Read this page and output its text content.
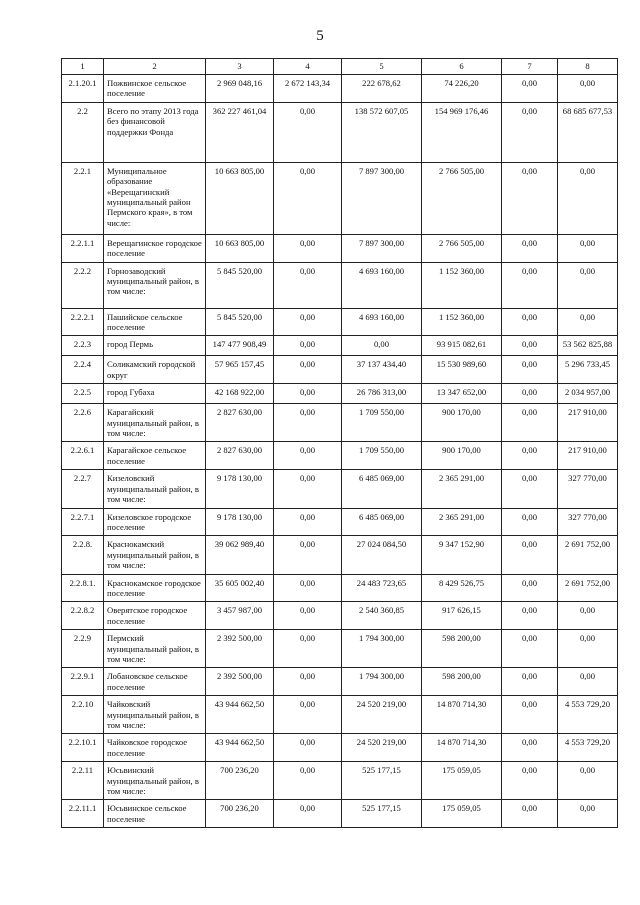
5
1	2	3	4	5	6	7	8
2.1.20.1	Пожвинское сельское поселение	2 969 048,16	2 672 143,34	222 678,62	74 226,20	0,00	0,00
2.2	Всего по этапу 2013 года без финансовой поддержки Фонда	362 227 461,04	0,00	138 572 607,05	154 969 176,46	0,00	68 685 677,53
2.2.1	Муниципальное образование «Верещагинский муниципальный район Пермского края», в том числе:	10 663 805,00	0,00	7 897 300,00	2 766 505,00	0,00	0,00
2.2.1.1	Верещагинское городское поселение	10 663 805,00	0,00	7 897 300,00	2 766 505,00	0,00	0,00
2.2.2	Горнозаводский муниципальный район, в том числе:	5 845 520,00	0,00	4 693 160,00	1 152 360,00	0,00	0,00
2.2.2.1	Пашийское сельское поселение	5 845 520,00	0,00	4 693 160,00	1 152 360,00	0,00	0,00
2.2.3	город Пермь	147 477 908,49	0,00	0,00	93 915 082,61	0,00	53 562 825,88
2.2.4	Соликамский городской округ	57 965 157,45	0,00	37 137 434,40	15 530 989,60	0,00	5 296 733,45
2.2.5	город Губаха	42 168 922,00	0,00	26 786 313,00	13 347 652,00	0,00	2 034 957,00
2.2.6	Карагайский муниципальный район, в том числе:	2 827 630,00	0,00	1 709 550,00	900 170,00	0,00	217 910,00
2.2.6.1	Карагайское сельское поселение	2 827 630,00	0,00	1 709 550,00	900 170,00	0,00	217 910,00
2.2.7	Кизеловский муниципальный район, в том числе:	9 178 130,00	0,00	6 485 069,00	2 365 291,00	0,00	327 770,00
2.2.7.1	Кизеловское городское поселение	9 178 130,00	0,00	6 485 069,00	2 365 291,00	0,00	327 770,00
2.2.8.	Краснокамский муниципальный район, в том числе:	39 062 989,40	0,00	27 024 084,50	9 347 152,90	0,00	2 691 752,00
2.2.8.1.	Краснокамское городское поселение	35 605 002,40	0,00	24 483 723,65	8 429 526,75	0,00	2 691 752,00
2.2.8.2	Оверятское городское поселение	3 457 987,00	0,00	2 540 360,85	917 626,15	0,00	0,00
2.2.9	Пермский муниципальный район, в том числе:	2 392 500,00	0,00	1 794 300,00	598 200,00	0,00	0,00
2.2.9.1	Лобановское сельское поселение	2 392 500,00	0,00	1 794 300,00	598 200,00	0,00	0,00
2.2.10	Чайковский муниципальный район, в том числе:	43 944 662,50	0,00	24 520 219,00	14 870 714,30	0,00	4 553 729,20
2.2.10.1	Чайковское городское поселение	43 944 662,50	0,00	24 520 219,00	14 870 714,30	0,00	4 553 729,20
2.2.11	Юсьвинский муниципальный район, в том числе:	700 236,20	0,00	525 177,15	175 059,05	0,00	0,00
2.2.11.1	Юсьвинское сельское поселение	700 236,20	0,00	525 177,15	175 059,05	0,00	0,00
